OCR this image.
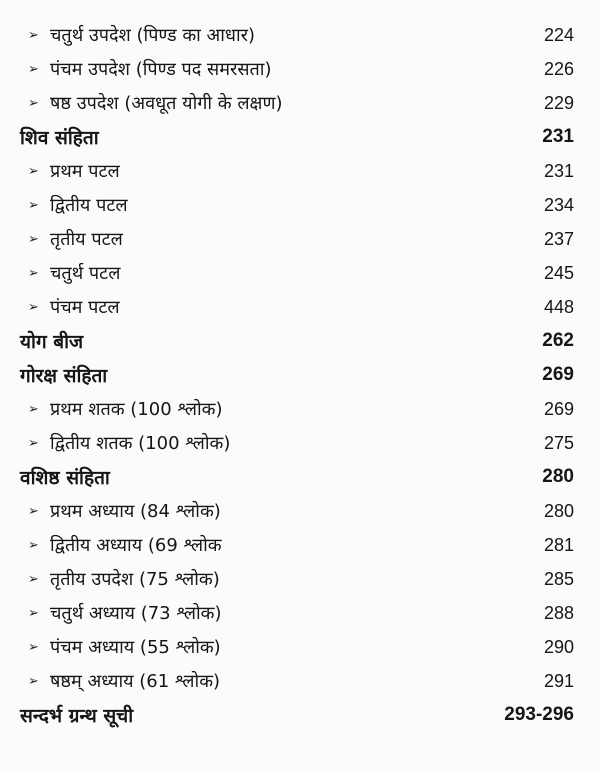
➢ चतुर्थ उपदेश (पिण्ड का आधार)	224
➢ पंचम उपदेश (पिण्ड पद समरसता)	226
➢ षष्ठ उपदेश (अवधूत योगी के लक्षण)	229
शिव संहिता	231
➢ प्रथम पटल	231
➢ द्वितीय पटल	234
➢ तृतीय पटल	237
➢ चतुर्थ पटल	245
➢ पंचम पटल	448
योग बीज	262
गोरक्ष संहिता	269
➢ प्रथम शतक (100 श्लोक)	269
➢ द्वितीय शतक (100 श्लोक)	275
वशिष्ठ संहिता	280
➢ प्रथम अध्याय (84 श्लोक)	280
➢ द्वितीय अध्याय (69 श्लोक	281
➢ तृतीय उपदेश (75 श्लोक)	285
➢ चतुर्थ अध्याय (73 श्लोक)	288
➢ पंचम अध्याय (55 श्लोक)	290
➢ षष्ठम् अध्याय (61 श्लोक)	291
सन्दर्भ ग्रन्थ सूची	293-296
